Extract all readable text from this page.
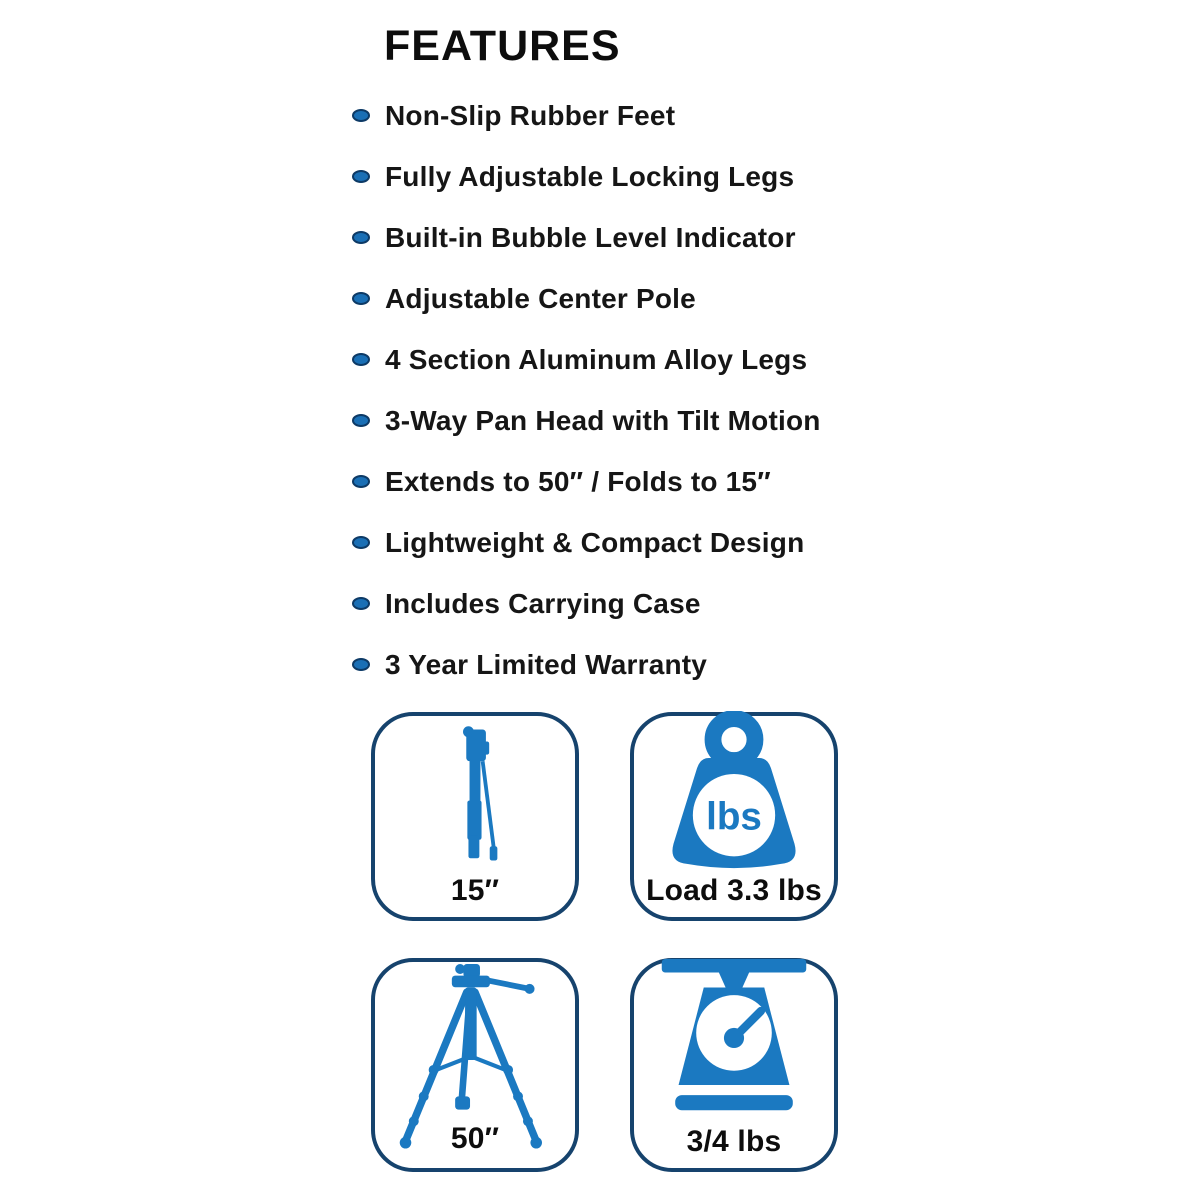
FEATURES
Non-Slip Rubber Feet
Fully Adjustable Locking Legs
Built-in Bubble Level Indicator
Adjustable Center Pole
4 Section Aluminum Alloy Legs
3-Way Pan Head with Tilt Motion
Extends to 50″ / Folds to 15″
Lightweight & Compact Design
Includes Carrying Case
3 Year Limited Warranty
15″
lbs
Load 3.3 lbs
50″	3/4 lbs
